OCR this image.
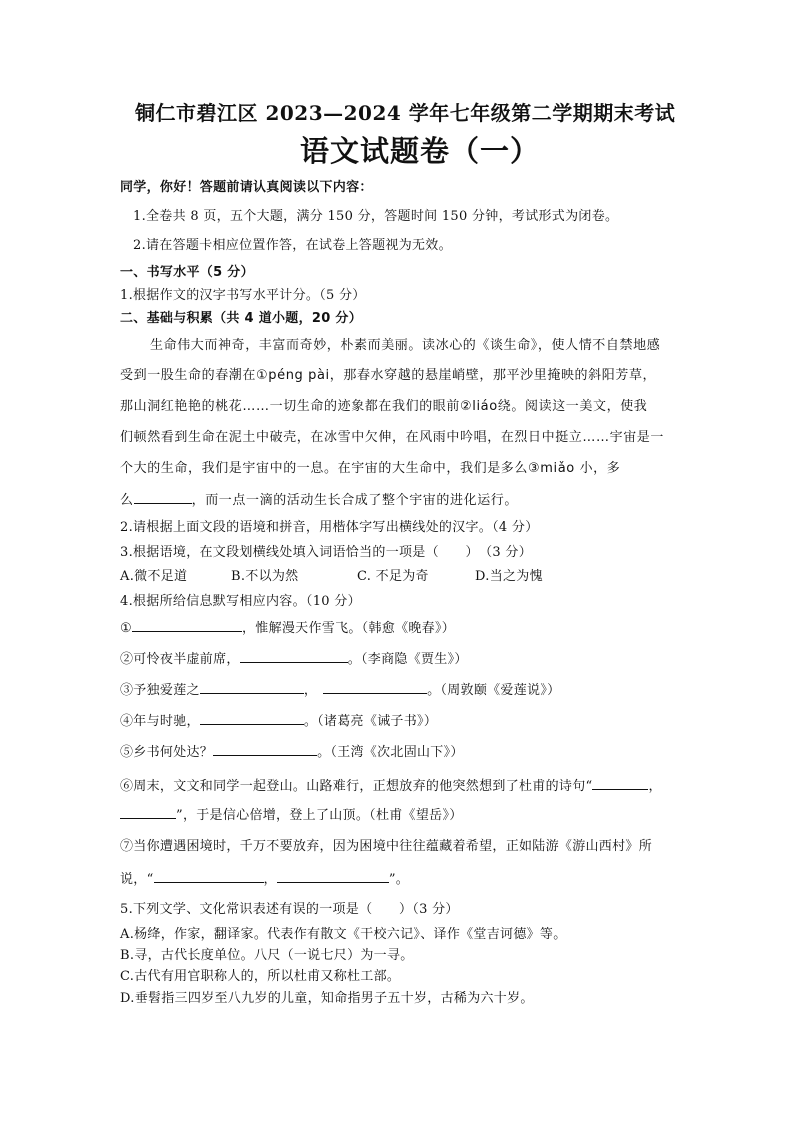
铜仁市碧江区 2023—2024 学年七年级第二学期期末考试
语文试题卷（一）
同学，你好！答题前请认真阅读以下内容：
1.全卷共 8 页，五个大题，满分 150 分，答题时间 150 分钟，考试形式为闭卷。
2.请在答题卡相应位置作答，在试卷上答题视为无效。
一、书写水平（5 分）
1.根据作文的汉字书写水平计分。（5 分）
二、基础与积累（共 4 道小题，20 分）
生命伟大而神奇，丰富而奇妙，朴素而美丽。读冰心的《谈生命》，使人情不自禁地感
受到一股生命的春潮在①péng pài，那春水穿越的悬崖峭壁，那平沙里掩映的斜阳芳草，
那山洞红艳艳的桃花……一切生命的迹象都在我们的眼前②liáo绕。阅读这一美文，使我
们顿然看到生命在泥土中破壳，在冰雪中欠伸，在风雨中吟唱，在烈日中挺立……宇宙是一
个大的生命，我们是宇宙中的一息。在宇宙的大生命中，我们是多么③miǎo 小，多
么	，而一点一滴的活动生长合成了整个宇宙的进化运行。
2.请根据上面文段的语境和拼音，用楷体字写出横线处的汉字。（4 分）
3.根据语境，在文段划横线处填入词语恰当的一项是（　　）　（3 分）
A.微不足道	B.不以为然	C. 不足为奇	D.当之为愧
4.根据所给信息默写相应内容。（10 分）
①	，惟解漫天作雪飞。（韩愈《晚春》）
②可怜夜半虚前席，	。（李商隐《贾生》）
③予独爱莲之	，	。（周敦颐《爱莲说》）
④年与时驰，	。（诸葛亮《诫子书》）
⑤乡书何处达？	。（王湾《次北固山下》）
⑥周末，文文和同学一起登山。山路难行，正想放弃的他突然想到了杜甫的诗句“	，
”，于是信心倍增，登上了山顶。（杜甫《望岳》）
⑦当你遭遇困境时，千万不要放弃，因为困境中往往蕴藏着希望，正如陆游《游山西村》所
说，“	，	”。
5.下列文学、文化常识表述有误的一项是（　　）（3 分）
A.杨绛，作家，翻译家。代表作有散文《干校六记》、译作《堂吉诃德》等。
B.寻，古代长度单位。八尺（一说七尺）为一寻。
C.古代有用官职称人的，所以杜甫又称杜工部。
D.垂髫指三四岁至八九岁的儿童，知命指男子五十岁，古稀为六十岁。
